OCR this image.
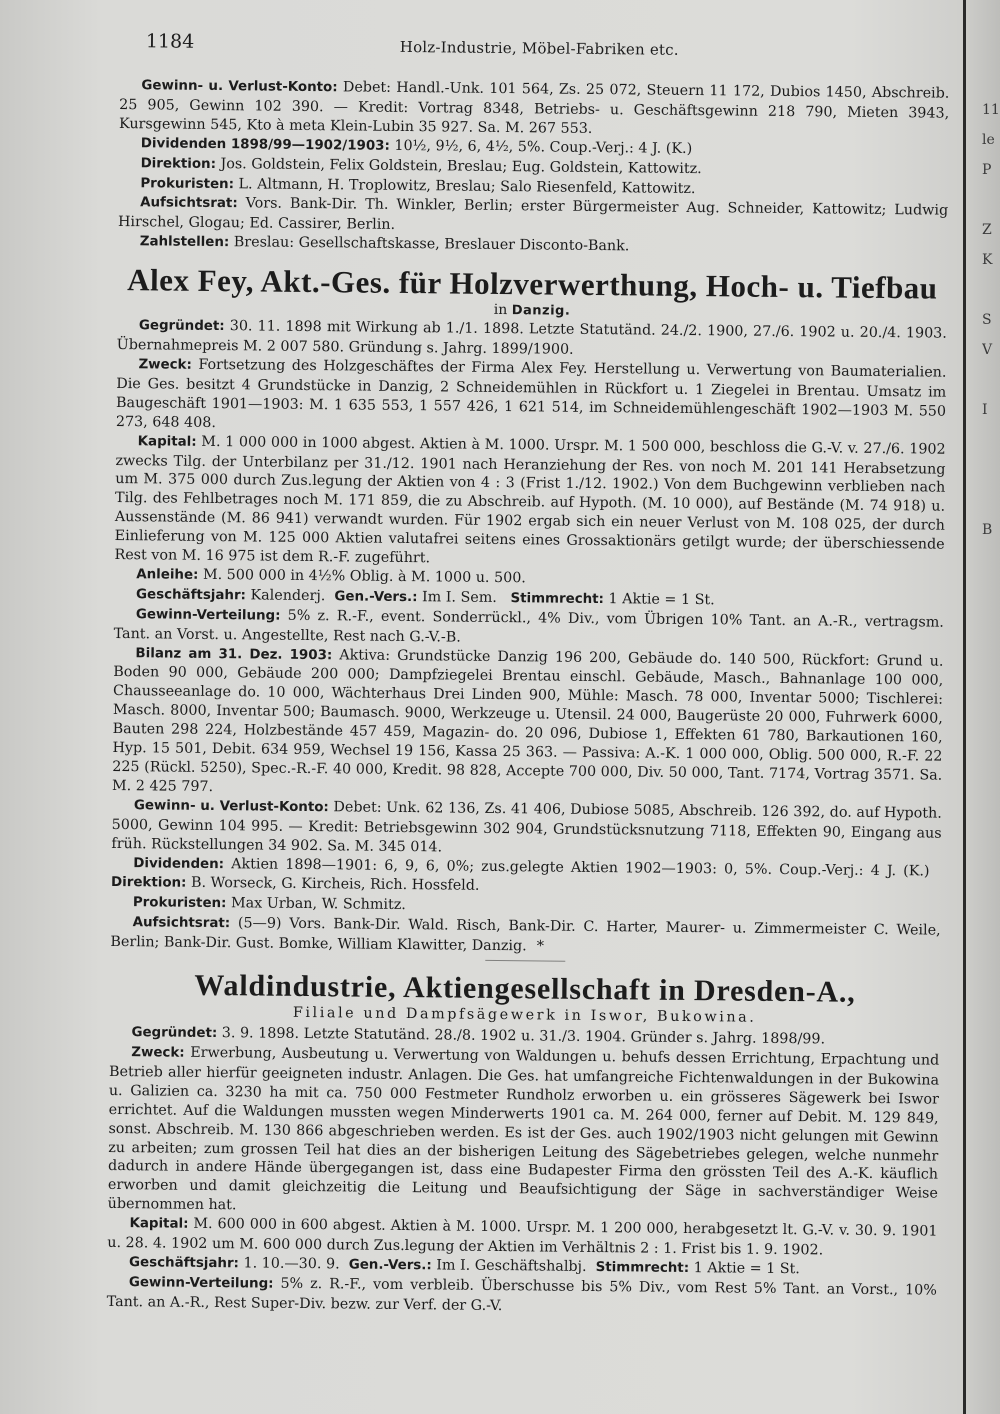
11
le
P

Z
K

S
V

I

B
1184	Holz-Industrie, Möbel-Fabriken etc.

Gewinn- u. Verlust-Konto: Debet: Handl.-Unk. 101 564, Zs. 25 072, Steuern 11 172, Dubios 1450, Abschreib. 25 905, Gewinn 102 390. — Kredit: Vortrag 8348, Betriebs- u. Geschäftsgewinn 218 790, Mieten 3943, Kursgewinn 545, Kto à meta Klein-Lubin 35 927. Sa. M. 267 553.

Dividenden 1898/99—1902/1903: 10½, 9½, 6, 4½, 5%. Coup.-Verj.: 4 J. (K.)

Direktion: Jos. Goldstein, Felix Goldstein, Breslau; Eug. Goldstein, Kattowitz.

Prokuristen: L. Altmann, H. Troplowitz, Breslau; Salo Riesenfeld, Kattowitz.

Aufsichtsrat: Vors. Bank-Dir. Th. Winkler, Berlin; erster Bürgermeister Aug. Schneider, Kattowitz; Ludwig Hirschel, Glogau; Ed. Cassirer, Berlin.

Zahlstellen: Breslau: Gesellschaftskasse, Breslauer Disconto-Bank.

Alex Fey, Akt.-Ges. für Holzverwerthung, Hoch- u. Tiefbau

in Danzig.

Gegründet: 30. 11. 1898 mit Wirkung ab 1./1. 1898. Letzte Statutänd. 24./2. 1900, 27./6. 1902 u. 20./4. 1903. Übernahmepreis M. 2 007 580. Gründung s. Jahrg. 1899/1900.

Zweck: Fortsetzung des Holzgeschäftes der Firma Alex Fey. Herstellung u. Verwertung von Baumaterialien. Die Ges. besitzt 4 Grundstücke in Danzig, 2 Schneidemühlen in Rückfort u. 1 Ziegelei in Brentau. Umsatz im Baugeschäft 1901—1903: M. 1 635 553, 1 557 426, 1 621 514, im Schneidemühlengeschäft 1902—1903 M. 550 273, 648 408.

Kapital: M. 1 000 000 in 1000 abgest. Aktien à M. 1000. Urspr. M. 1 500 000, beschloss die G.-V. v. 27./6. 1902 zwecks Tilg. der Unterbilanz per 31./12. 1901 nach Heranziehung der Res. von noch M. 201 141 Herabsetzung um M. 375 000 durch Zus.legung der Aktien von 4 : 3 (Frist 1./12. 1902.) Von dem Buchgewinn verblieben nach Tilg. des Fehlbetrages noch M. 171 859, die zu Abschreib. auf Hypoth. (M. 10 000), auf Bestände (M. 74 918) u. Aussenstände (M. 86 941) verwandt wurden. Für 1902 ergab sich ein neuer Verlust von M. 108 025, der durch Einlieferung von M. 125 000 Aktien valutafrei seitens eines Grossaktionärs getilgt wurde; der überschiessende Rest von M. 16 975 ist dem R.-F. zugeführt.

Anleihe: M. 500 000 in 4½% Oblig. à M. 1000 u. 500.

Geschäftsjahr: Kalenderj. Gen.-Vers.: Im I. Sem. Stimmrecht: 1 Aktie = 1 St.

Gewinn-Verteilung: 5% z. R.-F., event. Sonderrückl., 4% Div., vom Übrigen 10% Tant. an A.-R., vertragsm. Tant. an Vorst. u. Angestellte, Rest nach G.-V.-B.

Bilanz am 31. Dez. 1903: Aktiva: Grundstücke Danzig 196 200, Gebäude do. 140 500, Rückfort: Grund u. Boden 90 000, Gebäude 200 000; Dampfziegelei Brentau einschl. Gebäude, Masch., Bahnanlage 100 000, Chausseeanlage do. 10 000, Wächterhaus Drei Linden 900, Mühle: Masch. 78 000, Inventar 5000; Tischlerei: Masch. 8000, Inventar 500; Baumasch. 9000, Werkzeuge u. Utensil. 24 000, Baugerüste 20 000, Fuhrwerk 6000, Bauten 298 224, Holzbestände 457 459, Magazin- do. 20 096, Dubiose 1, Effekten 61 780, Barkautionen 160, Hyp. 15 501, Debit. 634 959, Wechsel 19 156, Kassa 25 363. — Passiva: A.-K. 1 000 000, Oblig. 500 000, R.-F. 22 225 (Rückl. 5250), Spec.-R.-F. 40 000, Kredit. 98 828, Accepte 700 000, Div. 50 000, Tant. 7174, Vortrag 3571. Sa. M. 2 425 797.

Gewinn- u. Verlust-Konto: Debet: Unk. 62 136, Zs. 41 406, Dubiose 5085, Abschreib. 126 392, do. auf Hypoth. 5000, Gewinn 104 995. — Kredit: Betriebsgewinn 302 904, Grundstücksnutzung 7118, Effekten 90, Eingang aus früh. Rückstellungen 34 902. Sa. M. 345 014.

Dividenden: Aktien 1898—1901: 6, 9, 6, 0%; zus.gelegte Aktien 1902—1903: 0, 5%. Coup.-Verj.: 4 J. (K.)   Direktion: B. Worseck, G. Kircheis, Rich. Hossfeld.

Prokuristen: Max Urban, W. Schmitz.

Aufsichtsrat: (5—9) Vors. Bank-Dir. Wald. Risch, Bank-Dir. C. Harter, Maurer- u. Zimmermeister C. Weile, Berlin; Bank-Dir. Gust. Bomke, William Klawitter, Danzig. *

Waldindustrie, Aktiengesellschaft in Dresden-A.,

Filiale und Dampfsägewerk in Iswor, Bukowina.

Gegründet: 3. 9. 1898. Letzte Statutänd. 28./8. 1902 u. 31./3. 1904. Gründer s. Jahrg. 1898/99.

Zweck: Erwerbung, Ausbeutung u. Verwertung von Waldungen u. behufs dessen Errichtung, Erpachtung und Betrieb aller hierfür geeigneten industr. Anlagen. Die Ges. hat umfangreiche Fichtenwaldungen in der Bukowina u. Galizien ca. 3230 ha mit ca. 750 000 Festmeter Rundholz erworben u. ein grösseres Sägewerk bei Iswor errichtet. Auf die Waldungen mussten wegen Minderwerts 1901 ca. M. 264 000, ferner auf Debit. M. 129 849, sonst. Abschreib. M. 130 866 abgeschrieben werden. Es ist der Ges. auch 1902/1903 nicht gelungen mit Gewinn zu arbeiten; zum grossen Teil hat dies an der bisherigen Leitung des Sägebetriebes gelegen, welche nunmehr dadurch in andere Hände übergegangen ist, dass eine Budapester Firma den grössten Teil des A.-K. käuflich erworben und damit gleichzeitig die Leitung und Beaufsichtigung der Säge in sachverständiger Weise übernommen hat.

Kapital: M. 600 000 in 600 abgest. Aktien à M. 1000. Urspr. M. 1 200 000, herabgesetzt lt. G.-V. v. 30. 9. 1901 u. 28. 4. 1902 um M. 600 000 durch Zus.legung der Aktien im Verhältnis 2 : 1. Frist bis 1. 9. 1902.

Geschäftsjahr: 1. 10.—30. 9. Gen.-Vers.: Im I. Geschäftshalbj. Stimmrecht: 1 Aktie = 1 St.

Gewinn-Verteilung: 5% z. R.-F., vom verbleib. Überschusse bis 5% Div., vom Rest 5% Tant. an Vorst., 10% Tant. an A.-R., Rest Super-Div. bezw. zur Verf. der G.-V.
